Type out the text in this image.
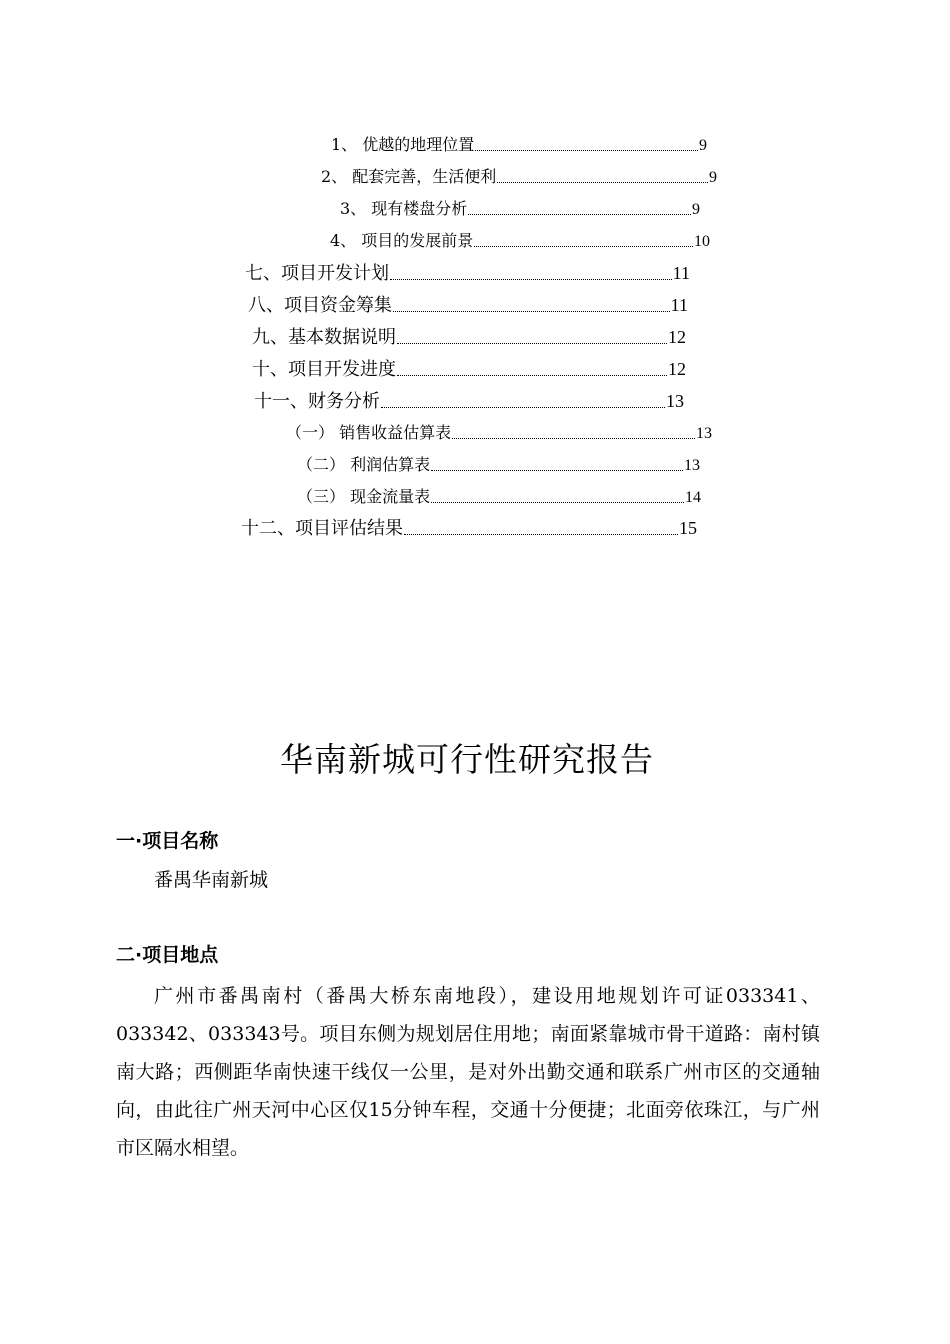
1、 优越的地理位置	9
2、 配套完善，生活便利	9
3、 现有楼盘分析	9
4、 项目的发展前景	10
七、项目开发计划	11
八、项目资金筹集	11
九、基本数据说明	12
十、项目开发进度	12
十一、财务分析	13
（一） 销售收益估算表	13
（二） 利润估算表	13
（三） 现金流量表	14
十二、项目评估结果	15
华南新城可行性研究报告
一·项目名称
番禺华南新城
二·项目地点
广州市番禺南村（番禺大桥东南地段），建设用地规划许可证033341、033342、033343号。项目东侧为规划居住用地；南面紧靠城市骨干道路：南村镇南大路；西侧距华南快速干线仅一公里，是对外出勤交通和联系广州市区的交通轴向，由此往广州天河中心区仅15分钟车程，交通十分便捷；北面旁依珠江，与广州市区隔水相望。
